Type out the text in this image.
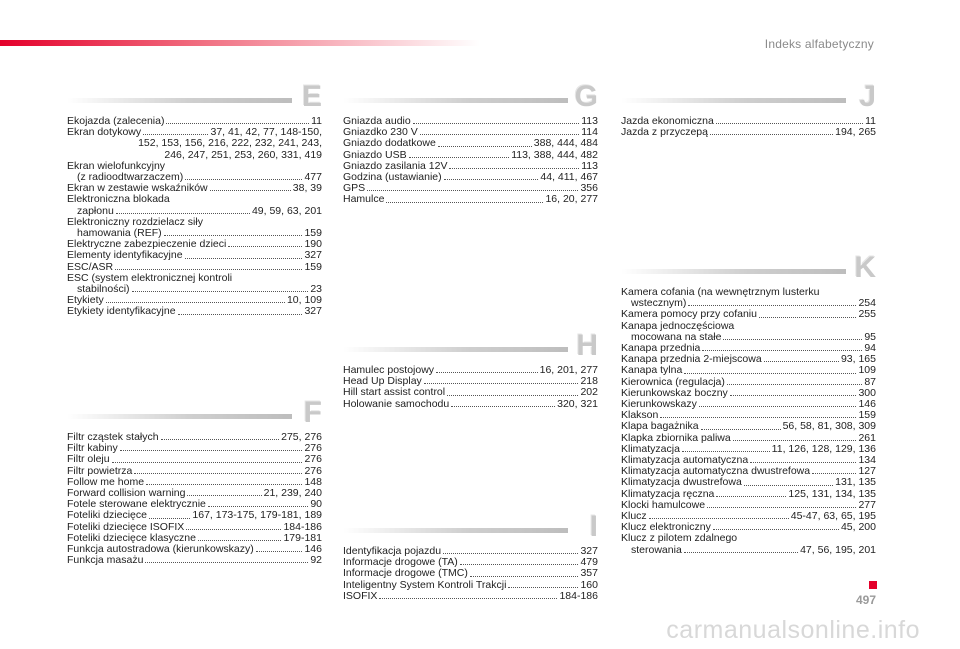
Indeks alfabetyczny
E
Ekojazda (zalecenia)	11
Ekran dotykowy	37, 41, 42, 77, 148-150,
152, 153, 156, 216, 222, 232, 241, 243,
246, 247, 251, 253, 260, 331, 419
Ekran wielofunkcyjny
(z radioodtwarzaczem)	477
Ekran w zestawie wskaźników	38, 39
Elektroniczna blokada
zapłonu	49, 59, 63, 201
Elektroniczny rozdzielacz siły
hamowania (REF)	159
Elektryczne zabezpieczenie dzieci	190
Elementy identyfikacyjne	327
ESC/ASR	159
ESC (system elektronicznej kontroli
stabilności)	23
Etykiety	10, 109
Etykiety identyfikacyjne	327
F
Filtr cząstek stałych	275, 276
Filtr kabiny	276
Filtr oleju	276
Filtr powietrza	276
Follow me home	148
Forward collision warning	21, 239, 240
Fotele sterowane elektrycznie	90
Foteliki dziecięce	167, 173-175, 179-181, 189
Foteliki dziecięce ISOFIX	184-186
Foteliki dziecięce klasyczne	179-181
Funkcja autostradowa (kierunkowskazy)	146
Funkcja masażu	92
G
Gniazda audio	113
Gniazdko 230 V	114
Gniazdo dodatkowe	388, 444, 484
Gniazdo USB	113, 388, 444, 482
Gniazdo zasilania 12V	113
Godzina (ustawianie)	44, 411, 467
GPS	356
Hamulce	16, 20, 277
H
Hamulec postojowy	16, 201, 277
Head Up Display	218
Hill start assist control	202
Holowanie samochodu	320, 321
I
Identyfikacja pojazdu	327
Informacje drogowe (TA)	479
Informacje drogowe (TMC)	357
Inteligentny System Kontroli Trakcji	160
ISOFIX	184-186
J
Jazda ekonomiczna	11
Jazda z przyczepą	194, 265
K
Kamera cofania (na wewnętrznym lusterku
wstecznym)	254
Kamera pomocy przy cofaniu	255
Kanapa jednoczęściowa
mocowana na stałe	95
Kanapa przednia	94
Kanapa przednia 2-miejscowa	93, 165
Kanapa tylna	109
Kierownica (regulacja)	87
Kierunkowskaz boczny	300
Kierunkowskazy	146
Klakson	159
Klapa bagażnika	56, 58, 81, 308, 309
Klapka zbiornika paliwa	261
Klimatyzacja	11, 126, 128, 129, 136
Klimatyzacja automatyczna	134
Klimatyzacja automatyczna dwustrefowa	127
Klimatyzacja dwustrefowa	131, 135
Klimatyzacja ręczna	125, 131, 134, 135
Klocki hamulcowe	277
Klucz	45-47, 63, 65, 195
Klucz elektroniczny	45, 200
Klucz z pilotem zdalnego
sterowania	47, 56, 195, 201
497
carmanualsonline.info
